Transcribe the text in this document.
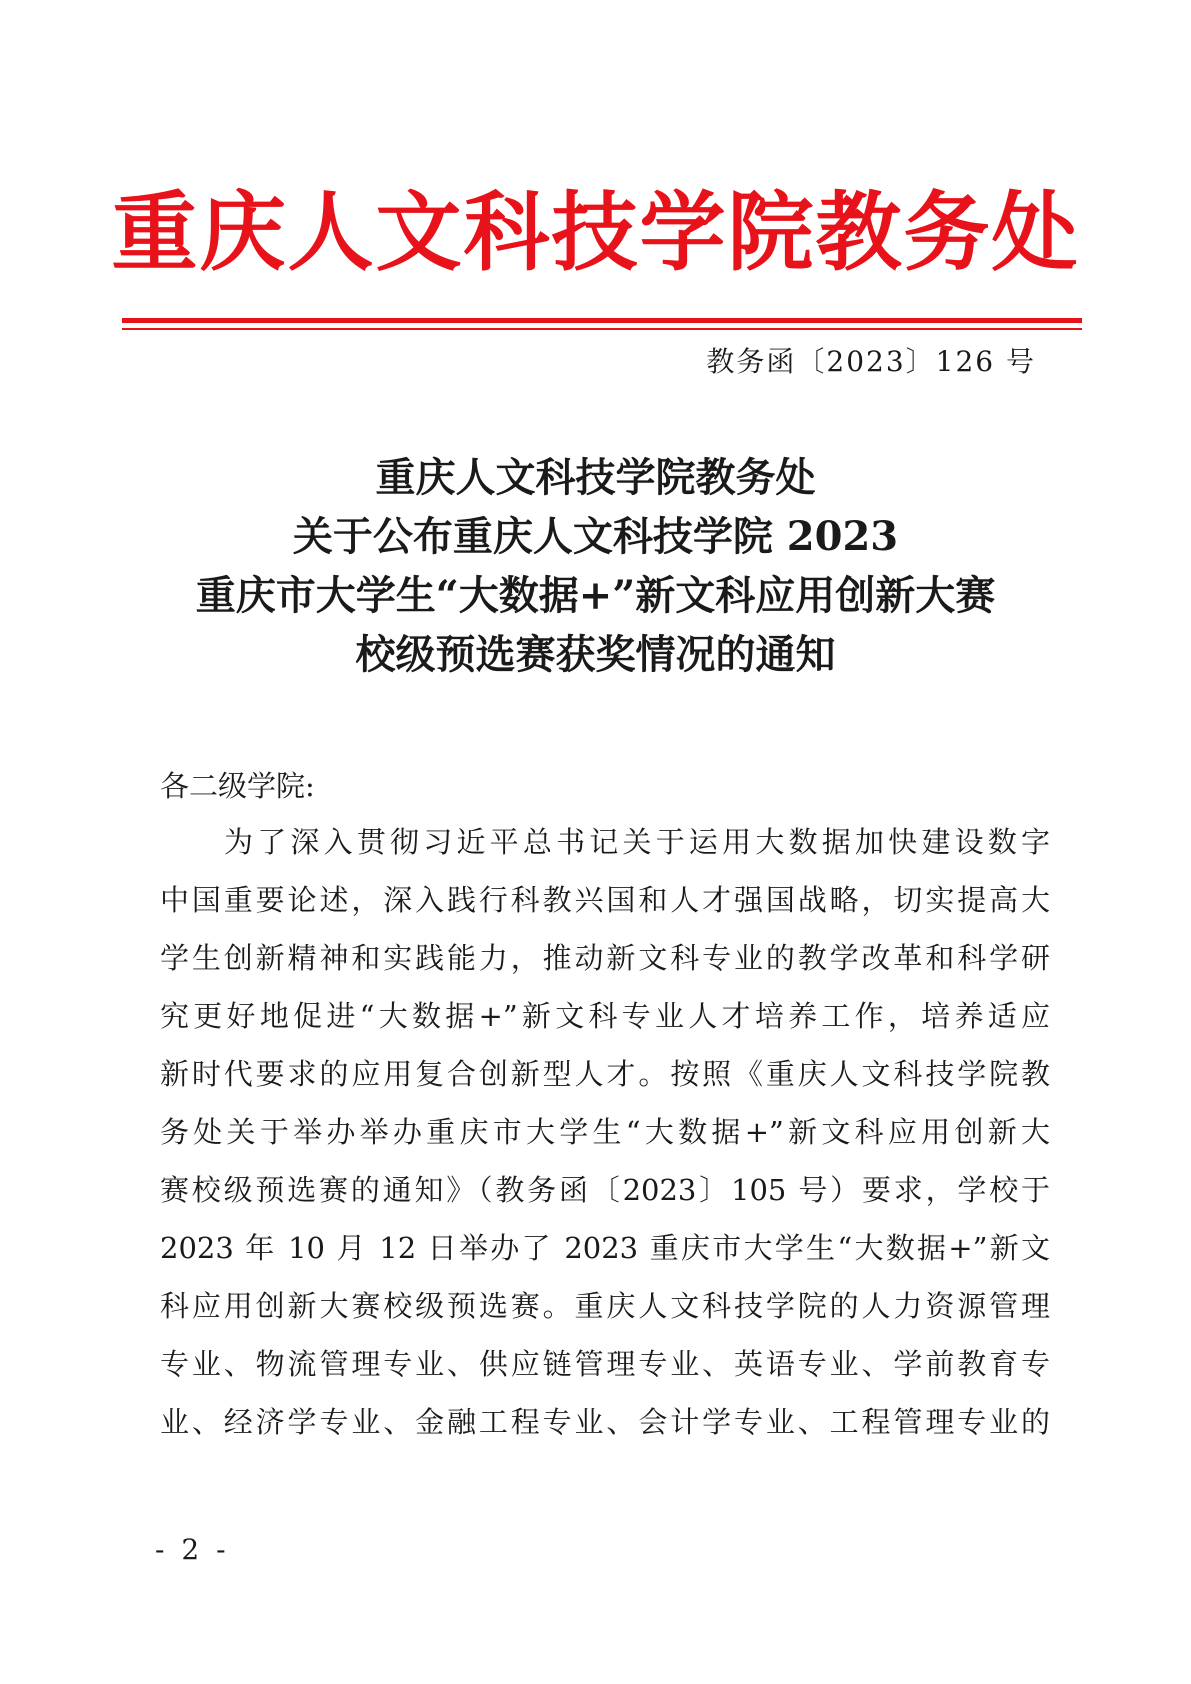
重庆人文科技学院教务处
教务函〔2023〕126 号
重庆人文科技学院教务处
关于公布重庆人文科技学院 2023
重庆市大学生“大数据+”新文科应用创新大赛
校级预选赛获奖情况的通知
各二级学院:
为了深入贯彻习近平总书记关于运用大数据加快建设数字
中国重要论述，深入践行科教兴国和人才强国战略，切实提高大
学生创新精神和实践能力，推动新文科专业的教学改革和科学研
究更好地促进“大数据+”新文科专业人才培养工作，培养适应
新时代要求的应用复合创新型人才。按照《重庆人文科技学院教
务处关于举办举办重庆市大学生“大数据+”新文科应用创新大
赛校级预选赛的通知》（教务函〔2023〕105 号）要求，学校于
2023 年 10 月 12 日举办了 2023 重庆市大学生“大数据+”新文
科应用创新大赛校级预选赛。重庆人文科技学院的人力资源管理
专业、物流管理专业、供应链管理专业、英语专业、学前教育专
业、经济学专业、金融工程专业、会计学专业、工程管理专业的
- 2 -
